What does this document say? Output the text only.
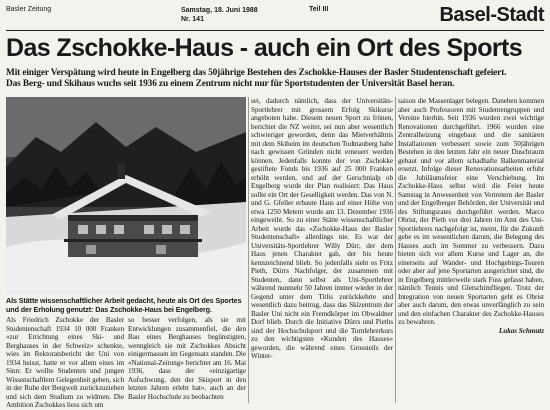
Basler Zeitung	Samstag, 18. Juni 1988
Nr. 141
Teil III	Basel-Stadt
Das Zschokke-Haus - auch ein Ort des Sports
Mit einiger Verspätung wird heute in Engelberg das 50jährige Bestehen des Zschokke-Hauses der Basler Studentenschaft gefeiert.
Das Berg- und Skihaus wuchs seit 1936 zu einem Zentrum nicht nur für Sportstudenten der Universität Basel heran.
Als Stätte wissenschaftlicher Arbeit gedacht, heute als Ort des Sportes und der Erholung genutzt: Das Zschokke-Haus bei Engelberg.
Als Friedrich Zschokke der Basler Studentenschaft 1934 10 000 Franken «zur Errichtung eines Ski- und Berghauses in der Schweiz» schenkte, wies im Rektoratsbericht der Uni von 1934 heisst, hatte er vor allem eines im Sinn: Er wollte Studenten und jungen Wissenschaftlern Gelegenheit geben, sich in der Ruhe der Bergwelt zurückzuziehen und sich dem Studium zu widmen. Die Ambition Zschokkes liess sich um
so besser verfolgen, als sie mit Entwicklungen zusammenfiel, die den Bau eines Berghauses begünstigten, wenngleich sie mit Zschokkes Absicht einigermassen im Gegensatz standen. Die «National-Zeitung» berichtet am 16. Mai 1936, dass der «einzigartige Aufschwung, den der Skisport in den letzten Jahren erlebt hat», auch an der Basler Hochschule zu beobachten
sei, dadurch nämlich, dass der Universitäts-Sportlehrer mit grossem Erfolg Skikurse angeboten habe. Diesem neuen Sport zu frönen, berichtet die NZ weiter, sei nun aber wesentlich schwieriger geworden, denn das Mietverhältnis mit dem Skiheim im deutschen Todtnauberg habe nach gewissen Gründen nicht erneuert werden können. Jedenfalls konnte der von Zschokke gestiftete Fonds bis 1936 auf 25 000 Franken erhöht werden, und auf der Gerschnialp ob Engelberg wurde der Plan realisiert: Das Haus sollte ein Ort der Geselligkeit werden. Das von N. und G. Gfeller erbaute Haus auf einer Höhe von etwa 1250 Metern wurde am 13. Dezember 1936 eingeweiht. So zu einer Stätte wissenschaftlicher Arbeit wurde das «Zschokke-Haus der Basler Studentenschaft» allerdings nie. Es war der Universitäts-Sportlehrer Willy Dürr, der dem Haus jenen Charakter gab, der bis heute kennzeichnend blieb. So jedenfalls sieht es Fritz Pieth, Dürrs Nachfolger, der zusammen mit Studenten, dann selbst als Uni-Sportlehrer während nunmehr 50 Jahren immer wieder in der Gegend unter dem Titlis zurückkehrte und wesentlich dazu beitrug, dass das Skizentrum der Basler Uni nicht ein Fremdkörper im Obwaldner Dorf blieb. Durch die Initiative Dürrs und Pieths sind der Hochschulsport und die Turnlehrerkurs zu den wichtigsten «Kunden des Hauses» geworden, die während eines Grossteils der Winter-
saison die Massenlager belegen. Daneben kommen aber auch Professoren mit Studentengruppen und Vereine hierhin. Seit 1936 wurden zwei wichtige Renovationen durchgeführt. 1966 wurden eine Zentralheizung eingebaut und die sanitären Installationen verbessert sowie zum 50jährigen Bestehen in den letzten Jahr ein neuer Duschraum gebaut und vor allem schadhafte Balkenmaterial ersetzt. Infolge dieser Renovationsarbeiten erfuhr die Jubiläumsfeier eine Verschiebung. Im Zschokke-Haus selbst wird die Feier heute Samstag in Anwesenheit von Vertretern der Basler und der Engelberger Behörden, der Universität und des Stiftungsrates durchgeführt werden. Marco Obrist, der Pieth vor drei Jahren im Amt des Uni-Sportlehrers nachgefolgt ist, meint, für die Zukunft gebe es im wesentlichen darum, die Belegung des Hauses auch im Sommer zu verbessern. Dazu bieten sich vor allem Kurse und Lager an, die einerseits auf Wander- und Hochgebirgs-Touren oder aber auf jene Sportarten ausgerichtet sind, die in Engelberg mittlerweile stark Fuss gefasst haben, nämlich Tennis und Gletschimfliegen. Trotz der Integration von neuen Sportarten geht es Obrist aber auch darum, den etwas unverfänglich zu sein und den einfachen Charakter des Zschokke-Hauses zu bewahren.
Lukas Schmutz
